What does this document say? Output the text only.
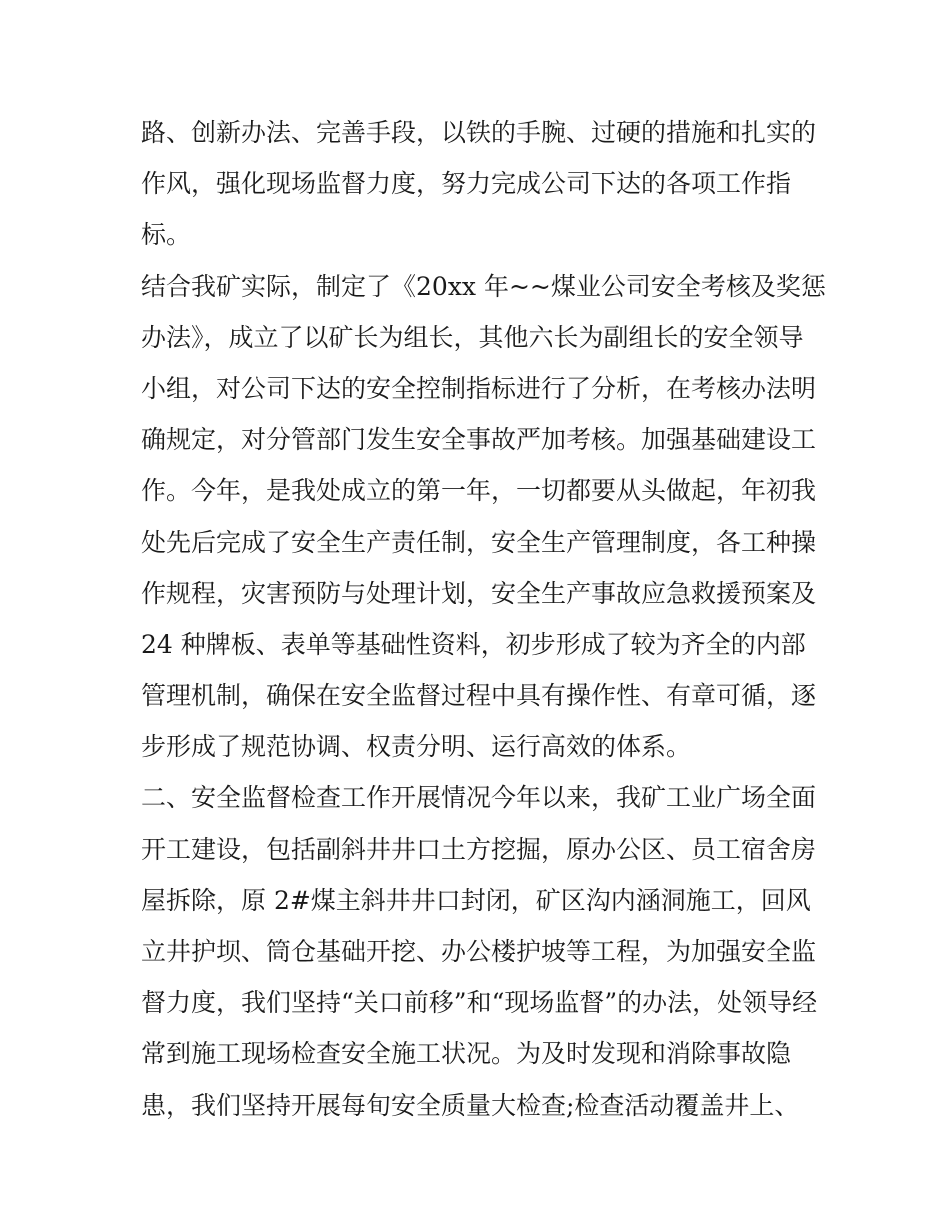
路、创新办法、完善手段，以铁的手腕、过硬的措施和扎实的
作风，强化现场监督力度，努力完成公司下达的各项工作指
标。
结合我矿实际，制定了《20xx 年~~煤业公司安全考核及奖惩
办法》，成立了以矿长为组长，其他六长为副组长的安全领导
小组，对公司下达的安全控制指标进行了分析，在考核办法明
确规定，对分管部门发生安全事故严加考核。加强基础建设工
作。今年，是我处成立的第一年，一切都要从头做起，年初我
处先后完成了安全生产责任制，安全生产管理制度，各工种操
作规程，灾害预防与处理计划，安全生产事故应急救援预案及
24 种牌板、表单等基础性资料，初步形成了较为齐全的内部
管理机制，确保在安全监督过程中具有操作性、有章可循，逐
步形成了规范协调、权责分明、运行高效的体系。
二、安全监督检查工作开展情况今年以来，我矿工业广场全面
开工建设，包括副斜井井口土方挖掘，原办公区、员工宿舍房
屋拆除，原 2#煤主斜井井口封闭，矿区沟内涵洞施工，回风
立井护坝、筒仓基础开挖、办公楼护坡等工程，为加强安全监
督力度，我们坚持“关口前移”和“现场监督”的办法，处领导经
常到施工现场检查安全施工状况。为及时发现和消除事故隐
患，我们坚持开展每旬安全质量大检查;检查活动覆盖井上、
